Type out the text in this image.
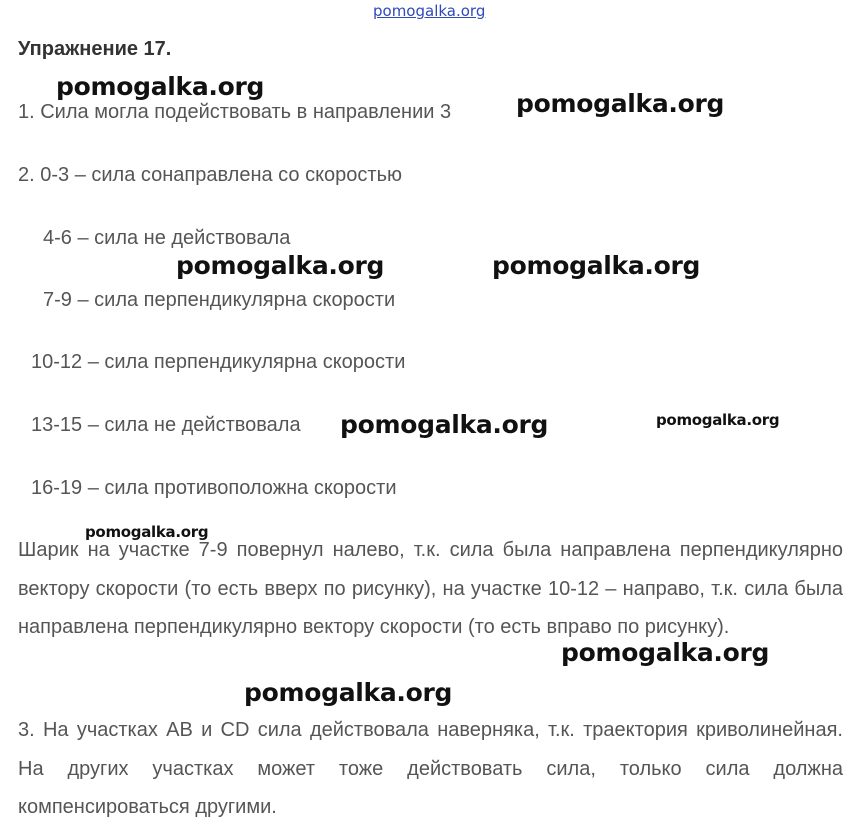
pomogalka.org
Упражнение 17.
1. Сила могла подействовать в направлении 3
2. 0-3 – сила сонаправлена со скоростью
4-6 – сила не действовала
7-9 – сила перпендикулярна скорости
10-12 – сила перпендикулярна скорости
13-15 – сила не действовала
16-19 – сила противоположна скорости
Шарик на участке 7-9 повернул налево, т.к. сила была направлена перпендикулярно вектору скорости (то есть вверх по рисунку), на участке 10-12 – направо, т.к. сила была направлена перпендикулярно вектору скорости (то есть вправо по рисунку).
3. На участках АВ и CD сила действовала наверняка, т.к. траектория криволинейная. На других участках может тоже действовать сила, только сила должна компенсироваться другими.
pomogalka.org
pomogalka.org
pomogalka.org	pomogalka.org
pomogalka.org	pomogalka.org
pomogalka.org
pomogalka.org
pomogalka.org
